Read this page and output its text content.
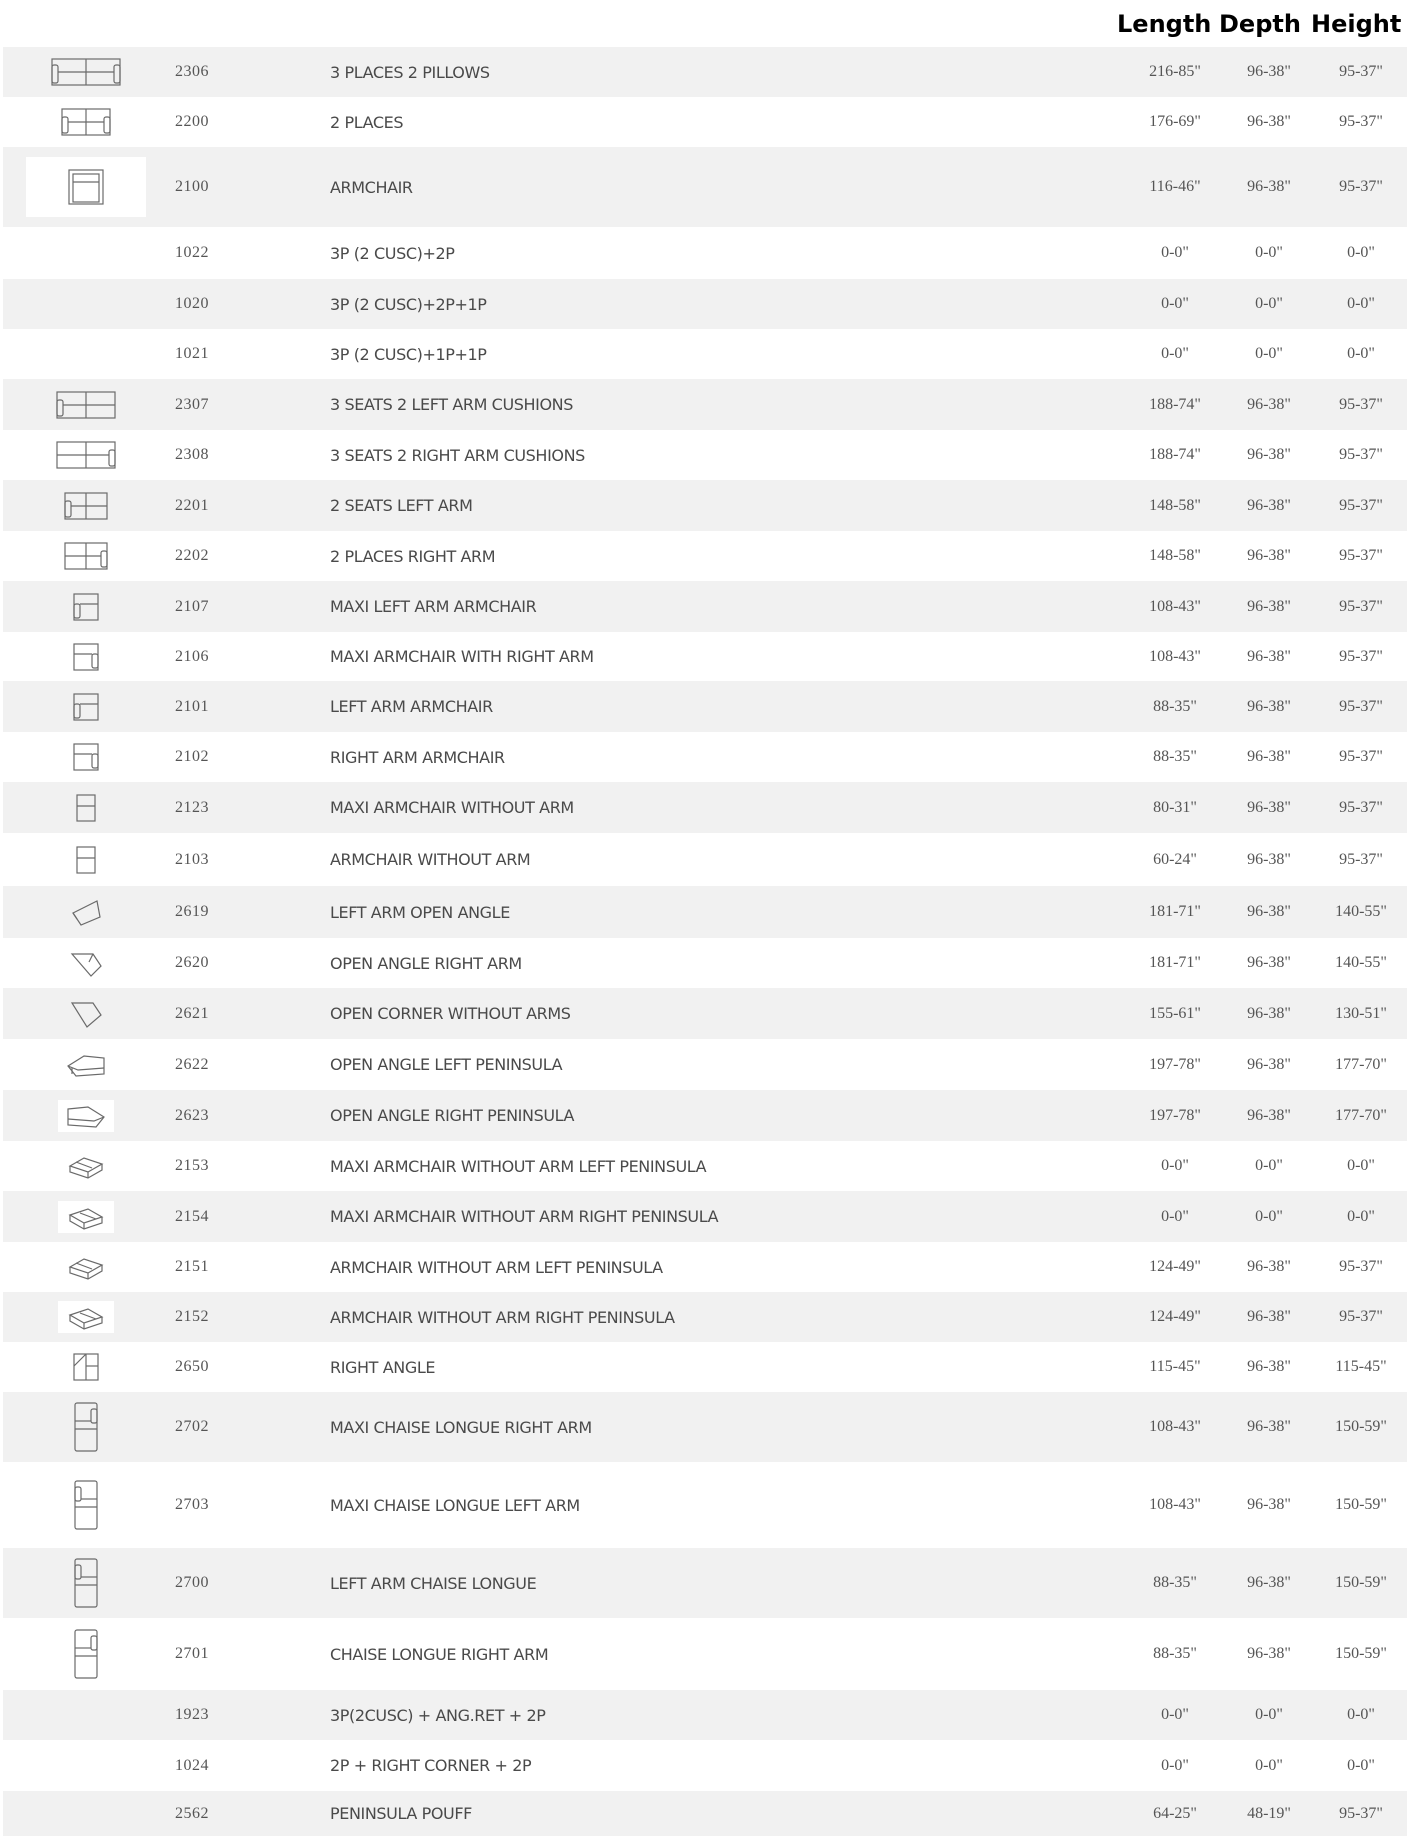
Length Depth Height
2306	3 PLACES 2 PILLOWS	216-85"	96-38"	95-37"
2200	2 PLACES	176-69"	96-38"	95-37"
2100	ARMCHAIR	116-46"	96-38"	95-37"
1022	3P (2 CUSC)+2P	0-0"	0-0"	0-0"
1020	3P (2 CUSC)+2P+1P	0-0"	0-0"	0-0"
1021	3P (2 CUSC)+1P+1P	0-0"	0-0"	0-0"
2307	3 SEATS 2 LEFT ARM CUSHIONS	188-74"	96-38"	95-37"
2308	3 SEATS 2 RIGHT ARM CUSHIONS	188-74"	96-38"	95-37"
2201	2 SEATS LEFT ARM	148-58"	96-38"	95-37"
2202	2 PLACES RIGHT ARM	148-58"	96-38"	95-37"
2107	MAXI LEFT ARM ARMCHAIR	108-43"	96-38"	95-37"
2106	MAXI ARMCHAIR WITH RIGHT ARM	108-43"	96-38"	95-37"
2101	LEFT ARM ARMCHAIR	88-35"	96-38"	95-37"
2102	RIGHT ARM ARMCHAIR	88-35"	96-38"	95-37"
2123	MAXI ARMCHAIR WITHOUT ARM	80-31"	96-38"	95-37"
2103	ARMCHAIR WITHOUT ARM	60-24"	96-38"	95-37"
2619	LEFT ARM OPEN ANGLE	181-71"	96-38"	140-55"
2620	OPEN ANGLE RIGHT ARM	181-71"	96-38"	140-55"
2621	OPEN CORNER WITHOUT ARMS	155-61"	96-38"	130-51"
2622	OPEN ANGLE LEFT PENINSULA	197-78"	96-38"	177-70"
2623	OPEN ANGLE RIGHT PENINSULA	197-78"	96-38"	177-70"
2153	MAXI ARMCHAIR WITHOUT ARM LEFT PENINSULA	0-0"	0-0"	0-0"
2154	MAXI ARMCHAIR WITHOUT ARM RIGHT PENINSULA	0-0"	0-0"	0-0"
2151	ARMCHAIR WITHOUT ARM LEFT PENINSULA	124-49"	96-38"	95-37"
2152	ARMCHAIR WITHOUT ARM RIGHT PENINSULA	124-49"	96-38"	95-37"
2650	RIGHT ANGLE	115-45"	96-38"	115-45"
2702	MAXI CHAISE LONGUE RIGHT ARM	108-43"	96-38"	150-59"
2703	MAXI CHAISE LONGUE LEFT ARM	108-43"	96-38"	150-59"
2700	LEFT ARM CHAISE LONGUE	88-35"	96-38"	150-59"
2701	CHAISE LONGUE RIGHT ARM	88-35"	96-38"	150-59"
1923	3P(2CUSC) + ANG.RET + 2P	0-0"	0-0"	0-0"
1024	2P + RIGHT CORNER + 2P	0-0"	0-0"	0-0"
2562	PENINSULA POUFF	64-25"	48-19"	95-37"
